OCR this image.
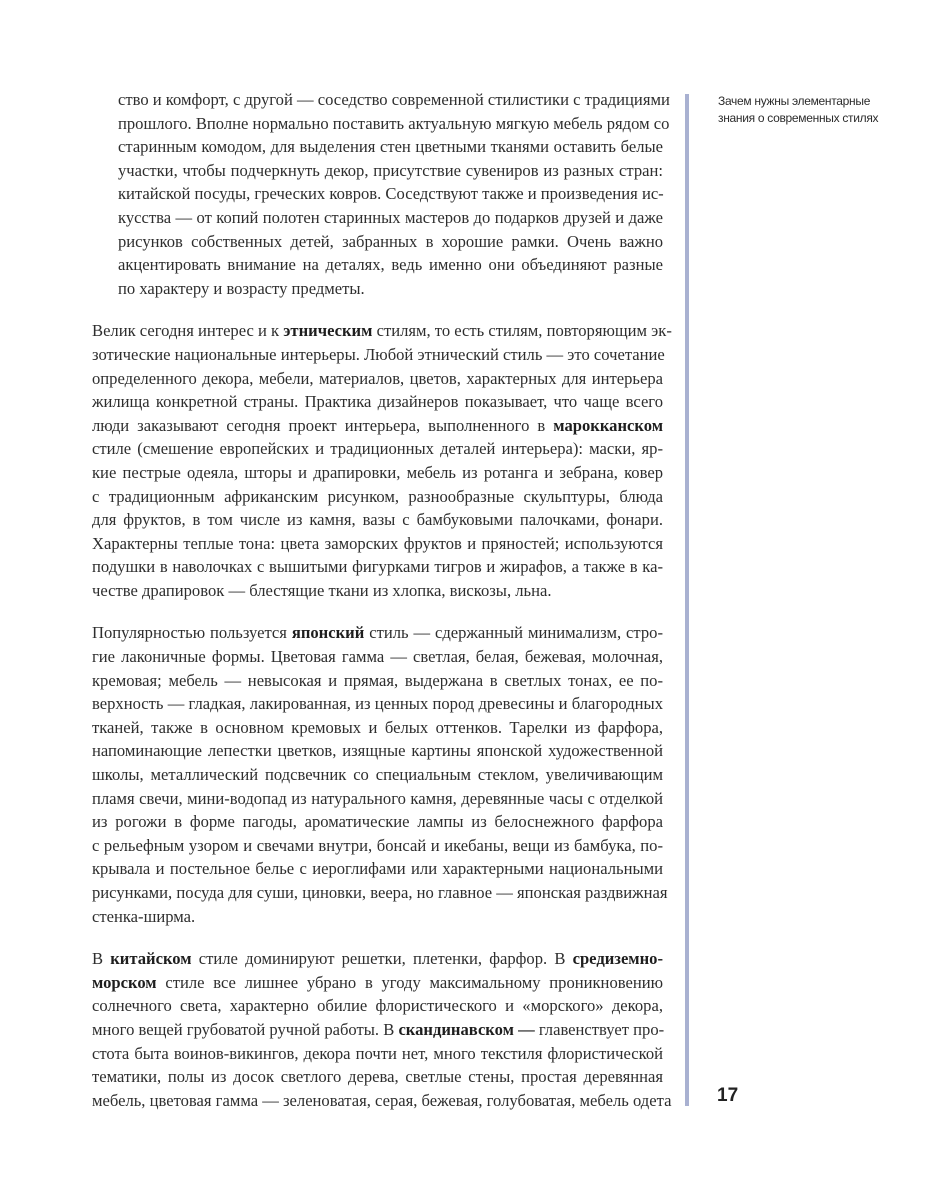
ство и комфорт, с другой — соседство современной стилистики с традициями
прошлого. Вполне нормально поставить актуальную мягкую мебель рядом со
старинным комодом, для выделения стен цветными тканями оставить белые
участки, чтобы подчеркнуть декор, присутствие сувениров из разных стран:
китайской посуды, греческих ковров. Соседствуют также и произведения ис-
кусства — от копий полотен старинных мастеров до подарков друзей и даже
рисунков собственных детей, забранных в хорошие рамки. Очень важно
акцентировать внимание на деталях, ведь именно они объединяют разные
по характеру и возрасту предметы.
Велик сегодня интерес и к этническим стилям, то есть стилям, повторяющим эк-
зотические национальные интерьеры. Любой этнический стиль — это сочетание
определенного декора, мебели, материалов, цветов, характерных для интерьера
жилища конкретной страны. Практика дизайнеров показывает, что чаще всего
люди заказывают сегодня проект интерьера, выполненного в марокканском
стиле (смешение европейских и традиционных деталей интерьера): маски, яр-
кие пестрые одеяла, шторы и драпировки, мебель из ротанга и зебрана, ковер
с традиционным африканским рисунком, разнообразные скульптуры, блюда
для фруктов, в том числе из камня, вазы с бамбуковыми палочками, фонари.
Характерны теплые тона: цвета заморских фруктов и пряностей; используются
подушки в наволочках с вышитыми фигурками тигров и жирафов, а также в ка-
честве драпировок — блестящие ткани из хлопка, вискозы, льна.
Популярностью пользуется японский стиль — сдержанный минимализм, стро-
гие лаконичные формы. Цветовая гамма — светлая, белая, бежевая, молочная,
кремовая; мебель — невысокая и прямая, выдержана в светлых тонах, ее по-
верхность — гладкая, лакированная, из ценных пород древесины и благородных
тканей, также в основном кремовых и белых оттенков. Тарелки из фарфора,
напоминающие лепестки цветков, изящные картины японской художественной
школы, металлический подсвечник со специальным стеклом, увеличивающим
пламя свечи, мини-водопад из натурального камня, деревянные часы с отделкой
из рогожи в форме пагоды, ароматические лампы из белоснежного фарфора
с рельефным узором и свечами внутри, бонсай и икебаны, вещи из бамбука, по-
крывала и постельное белье с иероглифами или характерными национальными
рисунками, посуда для суши, циновки, веера, но главное — японская раздвижная
стенка-ширма.
В китайском стиле доминируют решетки, плетенки, фарфор. В средиземно-
морском стиле все лишнее убрано в угоду максимальному проникновению
солнечного света, характерно обилие флористического и «морского» декора,
много вещей грубоватой ручной работы. В скандинавском — главенствует про-
стота быта воинов-викингов, декора почти нет, много текстиля флористической
тематики, полы из досок светлого дерева, светлые стены, простая деревянная
мебель, цветовая гамма — зеленоватая, серая, бежевая, голубоватая, мебель одета
Зачем нужны элементарные
знания о современных стилях
17
